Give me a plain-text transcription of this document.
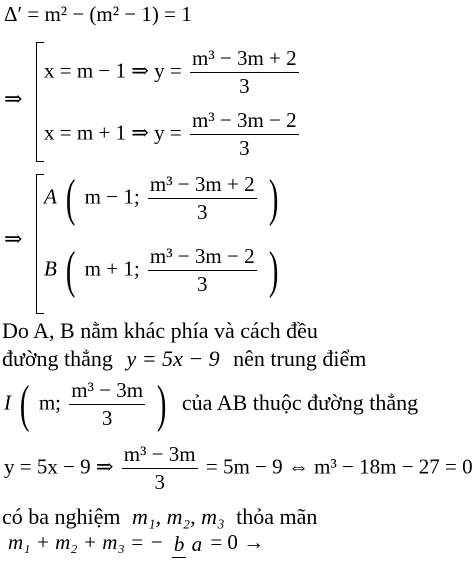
Δ′ = m² − (m² − 1) = 1
⇒
x = m − 1 ⇒ $y = \frac{\text{m³ − 3m + 2}}{3}$
x = m + 1 ⇒ $y = \frac{\text{m³ − 3m − 2}}{3}$
⇒
A ( m − 1; $\frac{\text{m³ − 3m + 2}}{3}$ )
B ( m + 1; $\frac{\text{m³ − 3m − 2}}{3}$ )
Do A, B nằm khác phía và cách đều
đường thẳng y = 5x − 9 nên trung điểm
I ( m; $\frac{\text{m³ − 3m}}{3}$ ) của AB thuộc đường thẳng
y = 5x − 9 ⇒ $\frac{\text{m³ − 3m}}{3} = 5m - 9$ ⇔ m³ − 18m − 27 = 0
có ba nghiệm m₁, m₂, m₃ thỏa mãn
m₁ + m₂ + m₃ = − b a = 0 →
